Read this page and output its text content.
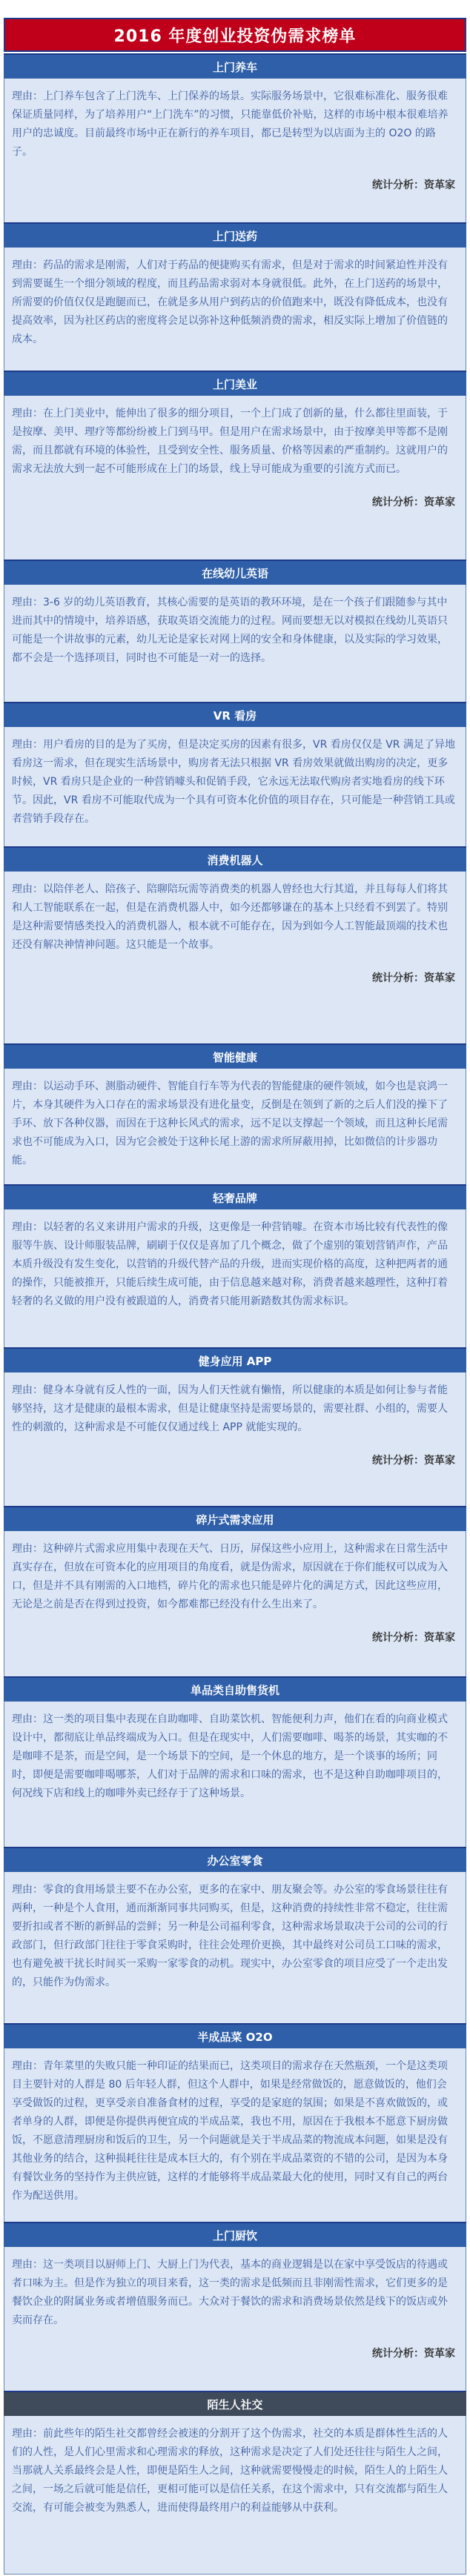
2016 年度创业投资伪需求榜单
上门养车
理由：上门养车包含了上门洗车、上门保养的场景。实际服务场景中，它很难标准化、服务很难保证质量同样，为了培养用户“上门洗车”的习惯，只能靠低价补贴，这样的市场中根本很难培养用户的忠诚度。目前最终市场中正在新行的养车项目，都已是转型为以店面为主的 O2O 的路子。
统计分析：资革家
上门送药
理由：药品的需求是刚需，人们对于药品的便捷购买有需求，但是对于需求的时间紧迫性并没有到需要诞生一个细分领域的程度，而且药品需求弱对本身就很低。此外，在上门送药的场景中，所需要的价值仅仅是跑腿而已，在就是多从用户到药店的价值跑来中，既没有降低成本，也没有提高效率，因为社区药店的密度将会足以弥补这种低频消费的需求，相反实际上增加了价值链的成本。
上门美业
理由：在上门美业中，能伸出了很多的细分项目，一个上门成了创新的量，什么都往里面装，于是按摩、美甲、理疗等都纷纷被上门到马甲。但是用户在需求场景中，由于按摩美甲等都不是刚需，而且都就有环境的体验性，且受到安全性、服务质量、价格等因素的严重制约。这就用户的需求无法放大到一起不可能形成在上门的场景，线上导可能成为重要的引流方式而已。
统计分析：资革家
在线幼儿英语
理由：3-6 岁的幼儿英语教育，其核心需要的是英语的教环环境，是在一个孩子们跟随参与其中进而其中的情境中，培养语感，获取英语交流能力的过程。网而要想无以对模拟在线幼儿英语只可能是一个讲故事的元素，幼儿无论是家长对网上网的安全和身体健康，以及实际的学习效果，都不会是一个选择项目，同时也不可能是一对一的选择。
VR 看房
理由：用户看房的目的是为了买房，但是决定买房的因素有很多，VR 看房仅仅是 VR 满足了异地看房这一需求，但在现实生活场景中，购房者无法只根据 VR 看房效果就做出购房的决定，更多时候，VR 看房只是企业的一种营销噱头和促销手段，它永远无法取代购房者实地看房的线下环节。因此，VR 看房不可能取代成为一个具有可资本化价值的项目存在，只可能是一种营销工具或者营销手段存在。
消费机器人
理由：以陪伴老人、陪孩子、陪聊陪玩需等消费类的机器人曾经也大行其道，并且每每人们将其和人工智能联系在一起，但是在消费机器人中，如今还都够谦在的基本上只经看不到罢了。特别是这种需要情感类投入的消费机器人，根本就不可能存在，因为到如今人工智能最顶端的技术也还没有解决神情神问题。这只能是一个故事。
统计分析：资革家
智能健康
理由：以运动手环、测脂动硬件、智能自行车等为代表的智能健康的硬件领域，如今也是哀鸿一片，本身其硬件为入口存在的需求场景没有进化量变，反倒是在领到了新的之后人们没的操下了手环、放下各种仪器，而因在于这种长风式的需求，远不足以支撑起一个领域，而且这种长尾需求也不可能成为入口，因为它会被处于这种长尾上游的需求所屏蔽用掉，比如微信的计步器功能。
轻奢品牌
理由：以轻奢的名义来讲用户需求的升级，这更像是一种营销噱。在资本市场比较有代表性的像服等牛族、设计师服装品牌，刷刷于仅仅是喜加了几个概念，做了个虚别的策划营销声作，产品本质升级没有发生变化，以营销的升级代替产品的升级，进而实现价格的高度，这种把两者的通的操作，只能被推开，只能后续生成可能，由于信息越来越对称，消费者越来越理性，这种打着轻奢的名义做的用户没有被跟道的人，消费者只能用新踏数其伪需求标识。
健身应用 APP
理由：健身本身就有反人性的一面，因为人们天性就有懒惰，所以健康的本质是如何让参与者能够坚持，这才是健康的最根本需求，但是让健康坚持是需要场景的，需要社群、小组的，需要人性的刺激的，这种需求是不可能仅仅通过线上 APP 就能实现的。
统计分析：资革家
碎片式需求应用
理由：这种碎片式需求应用集中表现在天气、日历，屏保这些小应用上，这种需求在日常生活中真实存在，但放在可资本化的应用项目的角度看，就是伪需求，原因就在于你们能权可以成为入口，但是并不具有刚需的入口地档，碎片化的需求也只能是碎片化的满足方式，因此这些应用，无论是之前是否在得到过投资，如今都难都已经没有什么生出来了。
统计分析：资革家
单品类自助售货机
理由：这一类的项目集中表现在自助咖啡、自助菜饮机、智能便利力声，他们在看的向商业模式设计中，都彻底让单品终端成为入口。但是在现实中，人们需要咖啡、喝茶的场景，其实咖的不是咖啡不是茶，而是空间，是一个场景下的空间，是一个休息的地方，是一个谈事的场所；同时，即便是需要咖啡喝哪茶，人们对于品牌的需求和口味的需求，也不是这种自助咖啡项目的，何况线下店和线上的咖啡外卖已经存于了这种场景。
办公室零食
理由：零食的食用场景主要不在办公室，更多的在家中、朋友聚会等。办公室的零食场景往往有两种，一种是个人食用，通而渐渐同事共同购买，但是，这种消费的持续性非常不稳定，往往需要折扣或者不断的新鲜品的尝鲜；另一种是公司福利零食，这种需求场景取决于公司的公司的行政部门，但行政部门往往于零食采购时，往往会处理价更换，其中最终对公司员工口味的需求，也有避免被干扰长时间买一采购一家零食的动机。现实中，办公室零食的项目应受了一个走出发的，只能作为伪需求。
半成品菜 O2O
理由：青年菜里的失败只能一种印证的结果而已，这类项目的需求存在天然瓶颈，一个是这类项目主要针对的人群是 80 后年轻人群，但这个人群中，如果是经常做饭的，愿意做饭的，他们会享受做饭的过程，更享受亲自准备食材的过程，享受的是家庭的氛围；如果是不喜欢做饭的，或者单身的人群，即便是你提供再便宜成的半成品菜，我也不用，原因在于我根本不愿意下厨房做饭，不愿意清理厨房和饭后的卫生，另一个问题就是关于半成品菜的物流成本问题，如果是没有其他业务的结合，这种损耗往往是成本巨大的，有个别在半成品菜资的不错的公司，是因为本身有餐饮业务的坚持作为主供应链，这样的才能够将半成品菜最大化的使用，同时又有自己的两台作为配送供用。
上门厨饮
理由：这一类项目以厨师上门、大厨上门为代表，基本的商业逻辑是以在家中享受饭店的待遇或者口味为主。但是作为独立的项目来看，这一类的需求是低频而且非刚需性需求，它们更多的是餐饮企业的附属业务或者增值服务而已。大众对于餐饮的需求和消费场景依然是线下的饭店或外卖而存在。
统计分析：资革家
陌生人社交
理由：前此些年的陌生社交都曾经会被迷的分割开了这个伪需求，社交的本质是群体性生活的人们的人性，是人们心里需求和心理需求的释放，这种需求是决定了人们处还往往与陌生人之间，当那就人关系最终会是人性，即便是陌生人之间，这种就需要慢慢走的时候，陌生人的上陌生人之间，一场之后就可能是信任，更相可能可以是信任关系，在这个需求中，只有交流都与陌生人交流，有可能会被变为熟悉人，进而使得最终用户的利益能够从中获利。
